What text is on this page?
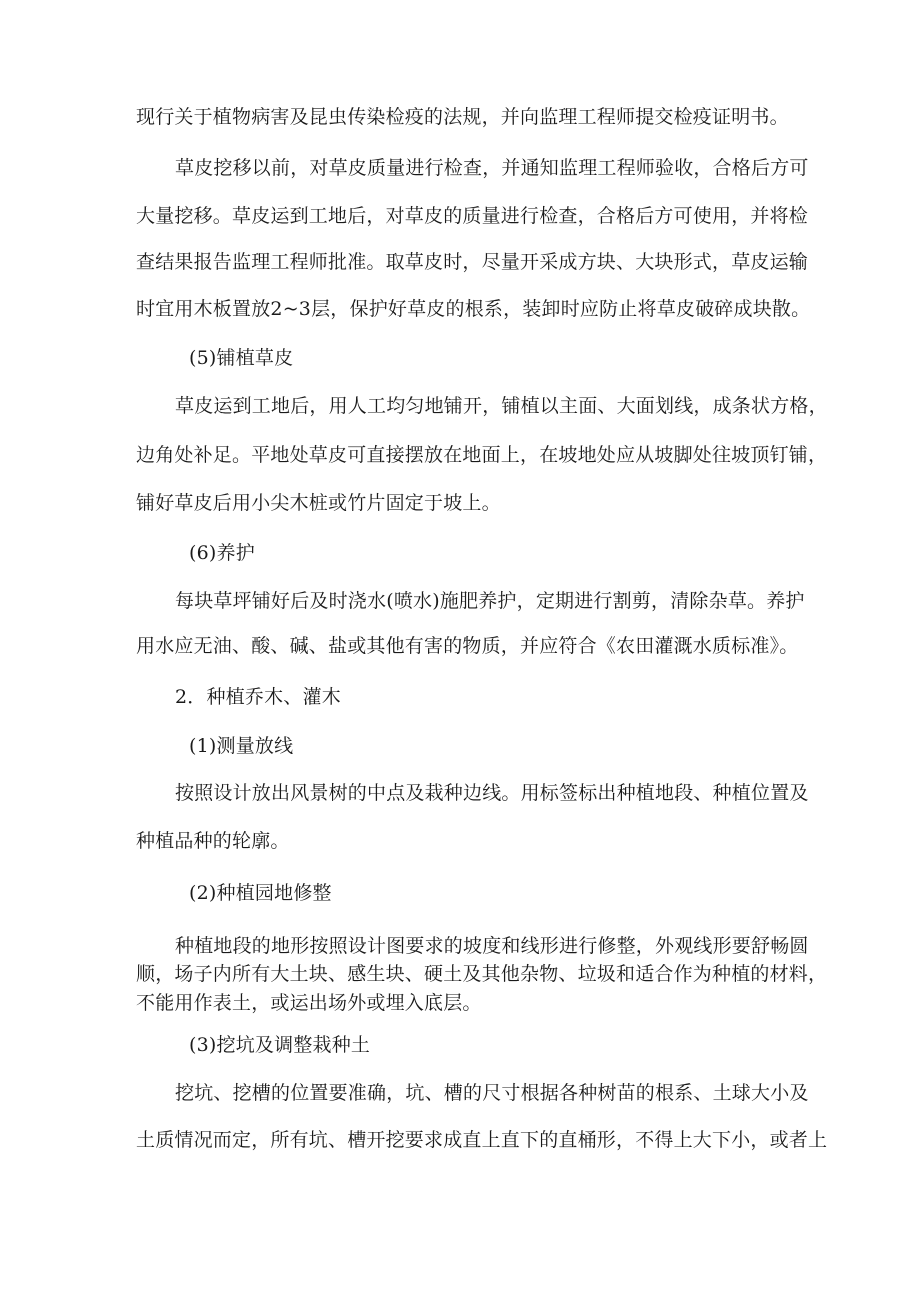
现行关于植物病害及昆虫传染检疫的法规，并向监理工程师提交检疫证明书。
草皮挖移以前，对草皮质量进行检查，并通知监理工程师验收，合格后方可
大量挖移。草皮运到工地后，对草皮的质量进行检查，合格后方可使用，并将检
查结果报告监理工程师批准。取草皮时，尽量开采成方块、大块形式，草皮运输
时宜用木板置放2~3层，保护好草皮的根系，装卸时应防止将草皮破碎成块散。
(5)铺植草皮
草皮运到工地后，用人工均匀地铺开，铺植以主面、大面划线，成条状方格，
边角处补足。平地处草皮可直接摆放在地面上，在坡地处应从坡脚处往坡顶钉铺，
铺好草皮后用小尖木桩或竹片固定于坡上。
(6)养护
每块草坪铺好后及时浇水(喷水)施肥养护，定期进行割剪，清除杂草。养护
用水应无油、酸、碱、盐或其他有害的物质，并应符合《农田灌溉水质标准》。
2．种植乔木、灌木
(1)测量放线
按照设计放出风景树的中点及栽种边线。用标签标出种植地段、种植位置及
种植品种的轮廓。
(2)种植园地修整
种植地段的地形按照设计图要求的坡度和线形进行修整，外观线形要舒畅圆
顺，场子内所有大土块、感生块、硬土及其他杂物、垃圾和适合作为种植的材料，
不能用作表土，或运出场外或埋入底层。
(3)挖坑及调整栽种土
挖坑、挖槽的位置要准确，坑、槽的尺寸根据各种树苗的根系、土球大小及
土质情况而定，所有坑、槽开挖要求成直上直下的直桶形，不得上大下小，或者上
